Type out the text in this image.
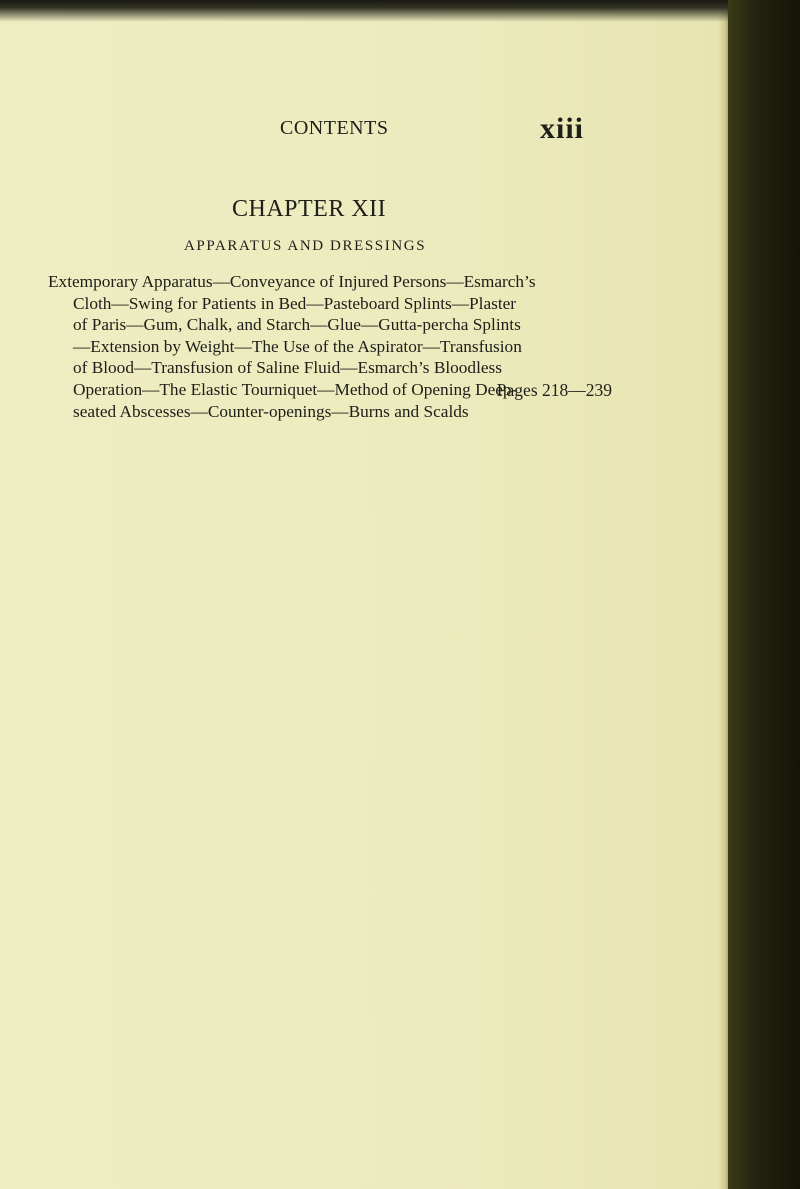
CONTENTS	xiii
CHAPTER XII
APPARATUS AND DRESSINGS
Extemporary Apparatus—Conveyance of Injured Persons—Esmarch’s
Cloth—Swing for Patients in Bed—Pasteboard Splints—Plaster
of Paris—Gum, Chalk, and Starch—Glue—Gutta-percha Splints
—Extension by Weight—The Use of the Aspirator—Transfusion
of Blood—Transfusion of Saline Fluid—Esmarch’s Bloodless
Operation—The Elastic Tourniquet—Method of Opening Deep-
seated Abscesses—Counter-openings—Burns and Scalds
Pages 218—239
